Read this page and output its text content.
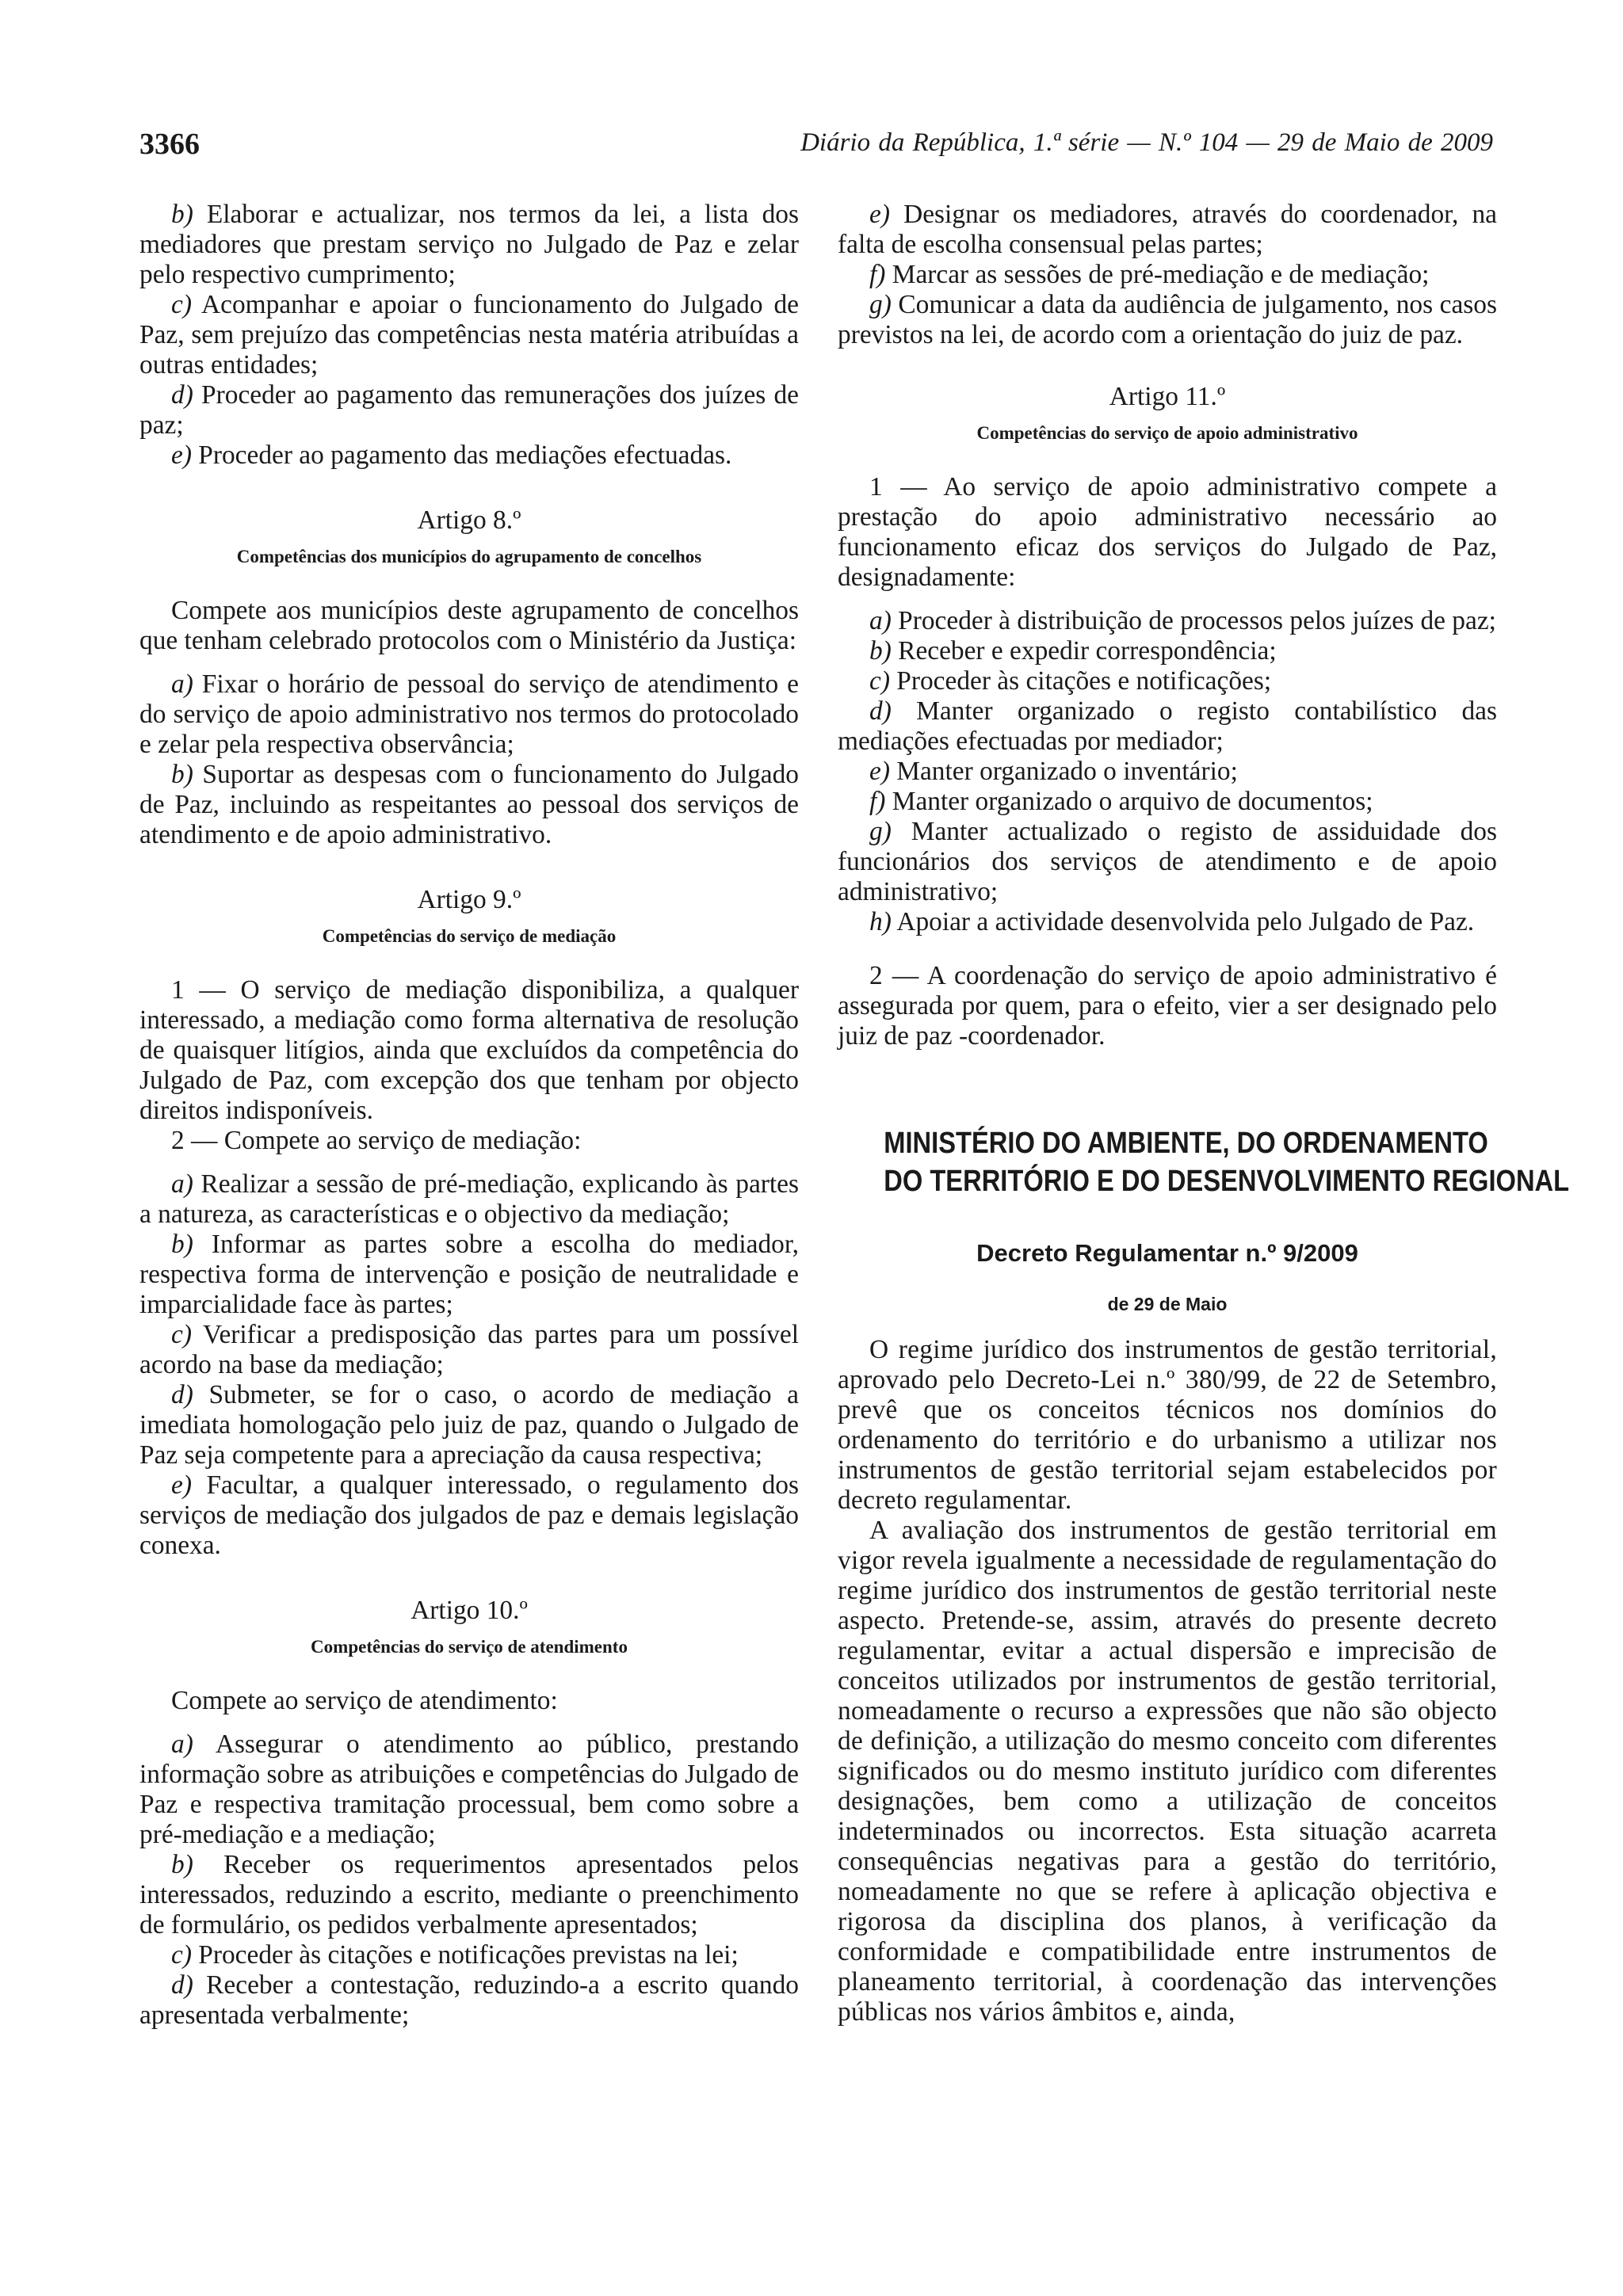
3366	Diário da República, 1.ª série — N.º 104 — 29 de Maio de 2009

b) Elaborar e actualizar, nos termos da lei, a lista dos mediadores que prestam serviço no Julgado de Paz e zelar pelo respectivo cumprimento;

c) Acompanhar e apoiar o funcionamento do Julgado de Paz, sem prejuízo das competências nesta matéria atribuídas a outras entidades;

d) Proceder ao pagamento das remunerações dos juízes de paz;

e) Proceder ao pagamento das mediações efectuadas.

Artigo 8.º
Competências dos municípios do agrupamento de concelhos

Compete aos municípios deste agrupamento de concelhos que tenham celebrado protocolos com o Ministério da Justiça:

a) Fixar o horário de pessoal do serviço de atendimento e do serviço de apoio administrativo nos termos do protocolado e zelar pela respectiva observância;

b) Suportar as despesas com o funcionamento do Julgado de Paz, incluindo as respeitantes ao pessoal dos serviços de atendimento e de apoio administrativo.

Artigo 9.º
Competências do serviço de mediação

1 — O serviço de mediação disponibiliza, a qualquer interessado, a mediação como forma alternativa de resolução de quaisquer litígios, ainda que excluídos da competência do Julgado de Paz, com excepção dos que tenham por objecto direitos indisponíveis.

2 — Compete ao serviço de mediação:

a) Realizar a sessão de pré-mediação, explicando às partes a natureza, as características e o objectivo da mediação;

b) Informar as partes sobre a escolha do mediador, respectiva forma de intervenção e posição de neutralidade e imparcialidade face às partes;

c) Verificar a predisposição das partes para um possível acordo na base da mediação;

d) Submeter, se for o caso, o acordo de mediação a imediata homologação pelo juiz de paz, quando o Julgado de Paz seja competente para a apreciação da causa respectiva;

e) Facultar, a qualquer interessado, o regulamento dos serviços de mediação dos julgados de paz e demais legislação conexa.

Artigo 10.º
Competências do serviço de atendimento

Compete ao serviço de atendimento:

a) Assegurar o atendimento ao público, prestando informação sobre as atribuições e competências do Julgado de Paz e respectiva tramitação processual, bem como sobre a pré-mediação e a mediação;

b) Receber os requerimentos apresentados pelos interessados, reduzindo a escrito, mediante o preenchimento de formulário, os pedidos verbalmente apresentados;

c) Proceder às citações e notificações previstas na lei;

d) Receber a contestação, reduzindo-a a escrito quando apresentada verbalmente;

e) Designar os mediadores, através do coordenador, na falta de escolha consensual pelas partes;

f) Marcar as sessões de pré-mediação e de mediação;

g) Comunicar a data da audiência de julgamento, nos casos previstos na lei, de acordo com a orientação do juiz de paz.

Artigo 11.º
Competências do serviço de apoio administrativo

1 — Ao serviço de apoio administrativo compete a prestação do apoio administrativo necessário ao funcionamento eficaz dos serviços do Julgado de Paz, designadamente:

a) Proceder à distribuição de processos pelos juízes de paz;

b) Receber e expedir correspondência;

c) Proceder às citações e notificações;

d) Manter organizado o registo contabilístico das mediações efectuadas por mediador;

e) Manter organizado o inventário;

f) Manter organizado o arquivo de documentos;

g) Manter actualizado o registo de assiduidade dos funcionários dos serviços de atendimento e de apoio administrativo;

h) Apoiar a actividade desenvolvida pelo Julgado de Paz.

2 — A coordenação do serviço de apoio administrativo é assegurada por quem, para o efeito, vier a ser designado pelo juiz de paz -coordenador.

MINISTÉRIO DO AMBIENTE, DO ORDENAMENTO
DO TERRITÓRIO E DO DESENVOLVIMENTO REGIONAL
Decreto Regulamentar n.º 9/2009
de 29 de Maio

O regime jurídico dos instrumentos de gestão territorial, aprovado pelo Decreto-Lei n.º 380/99, de 22 de Setembro, prevê que os conceitos técnicos nos domínios do ordenamento do território e do urbanismo a utilizar nos instrumentos de gestão territorial sejam estabelecidos por decreto regulamentar.

A avaliação dos instrumentos de gestão territorial em vigor revela igualmente a necessidade de regulamentação do regime jurídico dos instrumentos de gestão territorial neste aspecto. Pretende-se, assim, através do presente decreto regulamentar, evitar a actual dispersão e imprecisão de conceitos utilizados por instrumentos de gestão territorial, nomeadamente o recurso a expressões que não são objecto de definição, a utilização do mesmo conceito com diferentes significados ou do mesmo instituto jurídico com diferentes designações, bem como a utilização de conceitos indeterminados ou incorrectos. Esta situação acarreta consequências negativas para a gestão do território, nomeadamente no que se refere à aplicação objectiva e rigorosa da disciplina dos planos, à verificação da conformidade e compatibilidade entre instrumentos de planeamento territorial, à coordenação das intervenções públicas nos vários âmbitos e, ainda,
